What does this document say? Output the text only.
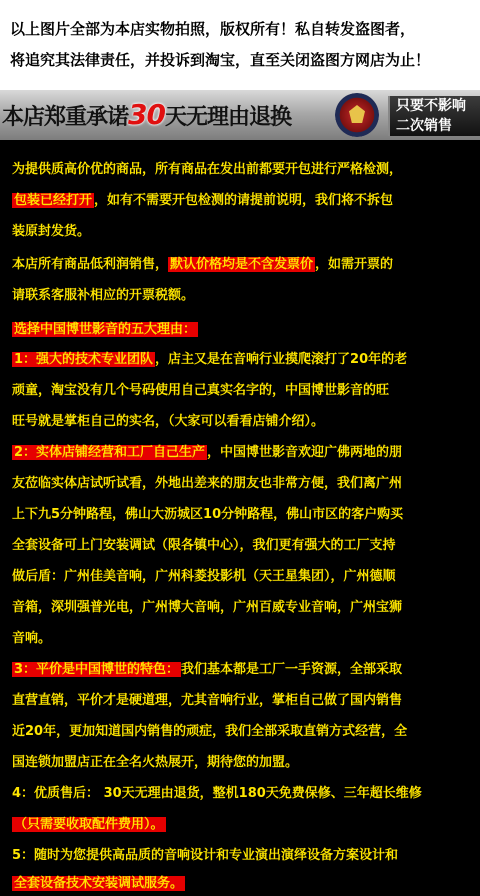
以上图片全部为本店实物拍照，版权所有！私自转发盗图者，
将追究其法律责任，并投诉到淘宝，直至关闭盗图方网店为止！
本店郑重承诺30天无理由退换	只要不影响
二次销售
为提供质高价优的商品，所有商品在发出前都要开包进行严格检测，
包装已经打开 ，如有不需要开包检测的请提前说明，我们将不拆包
装原封发货。
本店所有商品低利润销售， 默认价格均是不含发票价 ，如需开票的
请联系客服补相应的开票税额。
选择中国博世影音的五大理由：
1：强大的技术专业团队 ，店主又是在音响行业摸爬滚打了20年的老
顽童，淘宝没有几个号码使用自己真实名字的，中国博世影音的旺
旺号就是掌柜自己的实名，（大家可以看看店铺介绍）。
2：实体店铺经营和工厂自己生产 ，中国博世影音欢迎广佛两地的朋
友莅临实体店试听试看，外地出差来的朋友也非常方便，我们离广州
上下九5分钟路程，佛山大沥城区10分钟路程，佛山市区的客户购买
全套设备可上门安装调试（限各镇中心），我们更有强大的工厂支持
做后盾：广州佳美音响，广州科菱投影机（天王星集团），广州德顺
音箱，深圳强普光电，广州博大音响，广州百威专业音响，广州宝狮
音响。
3：平价是中国博世的特色： 我们基本都是工厂一手资源，全部采取
直营直销，平价才是硬道理，尤其音响行业，掌柜自己做了国内销售
近20年，更加知道国内销售的顽症，我们全部采取直销方式经营，全
国连锁加盟店正在全名火热展开，期待您的加盟。
4：优质售后： 30天无理由退货，整机180天免费保修、三年超长维修
（只需要收取配件费用）。
5：随时为您提供高品质的音响设计和专业演出演绎设备方案设计和
全套设备技术安装调试服务。
